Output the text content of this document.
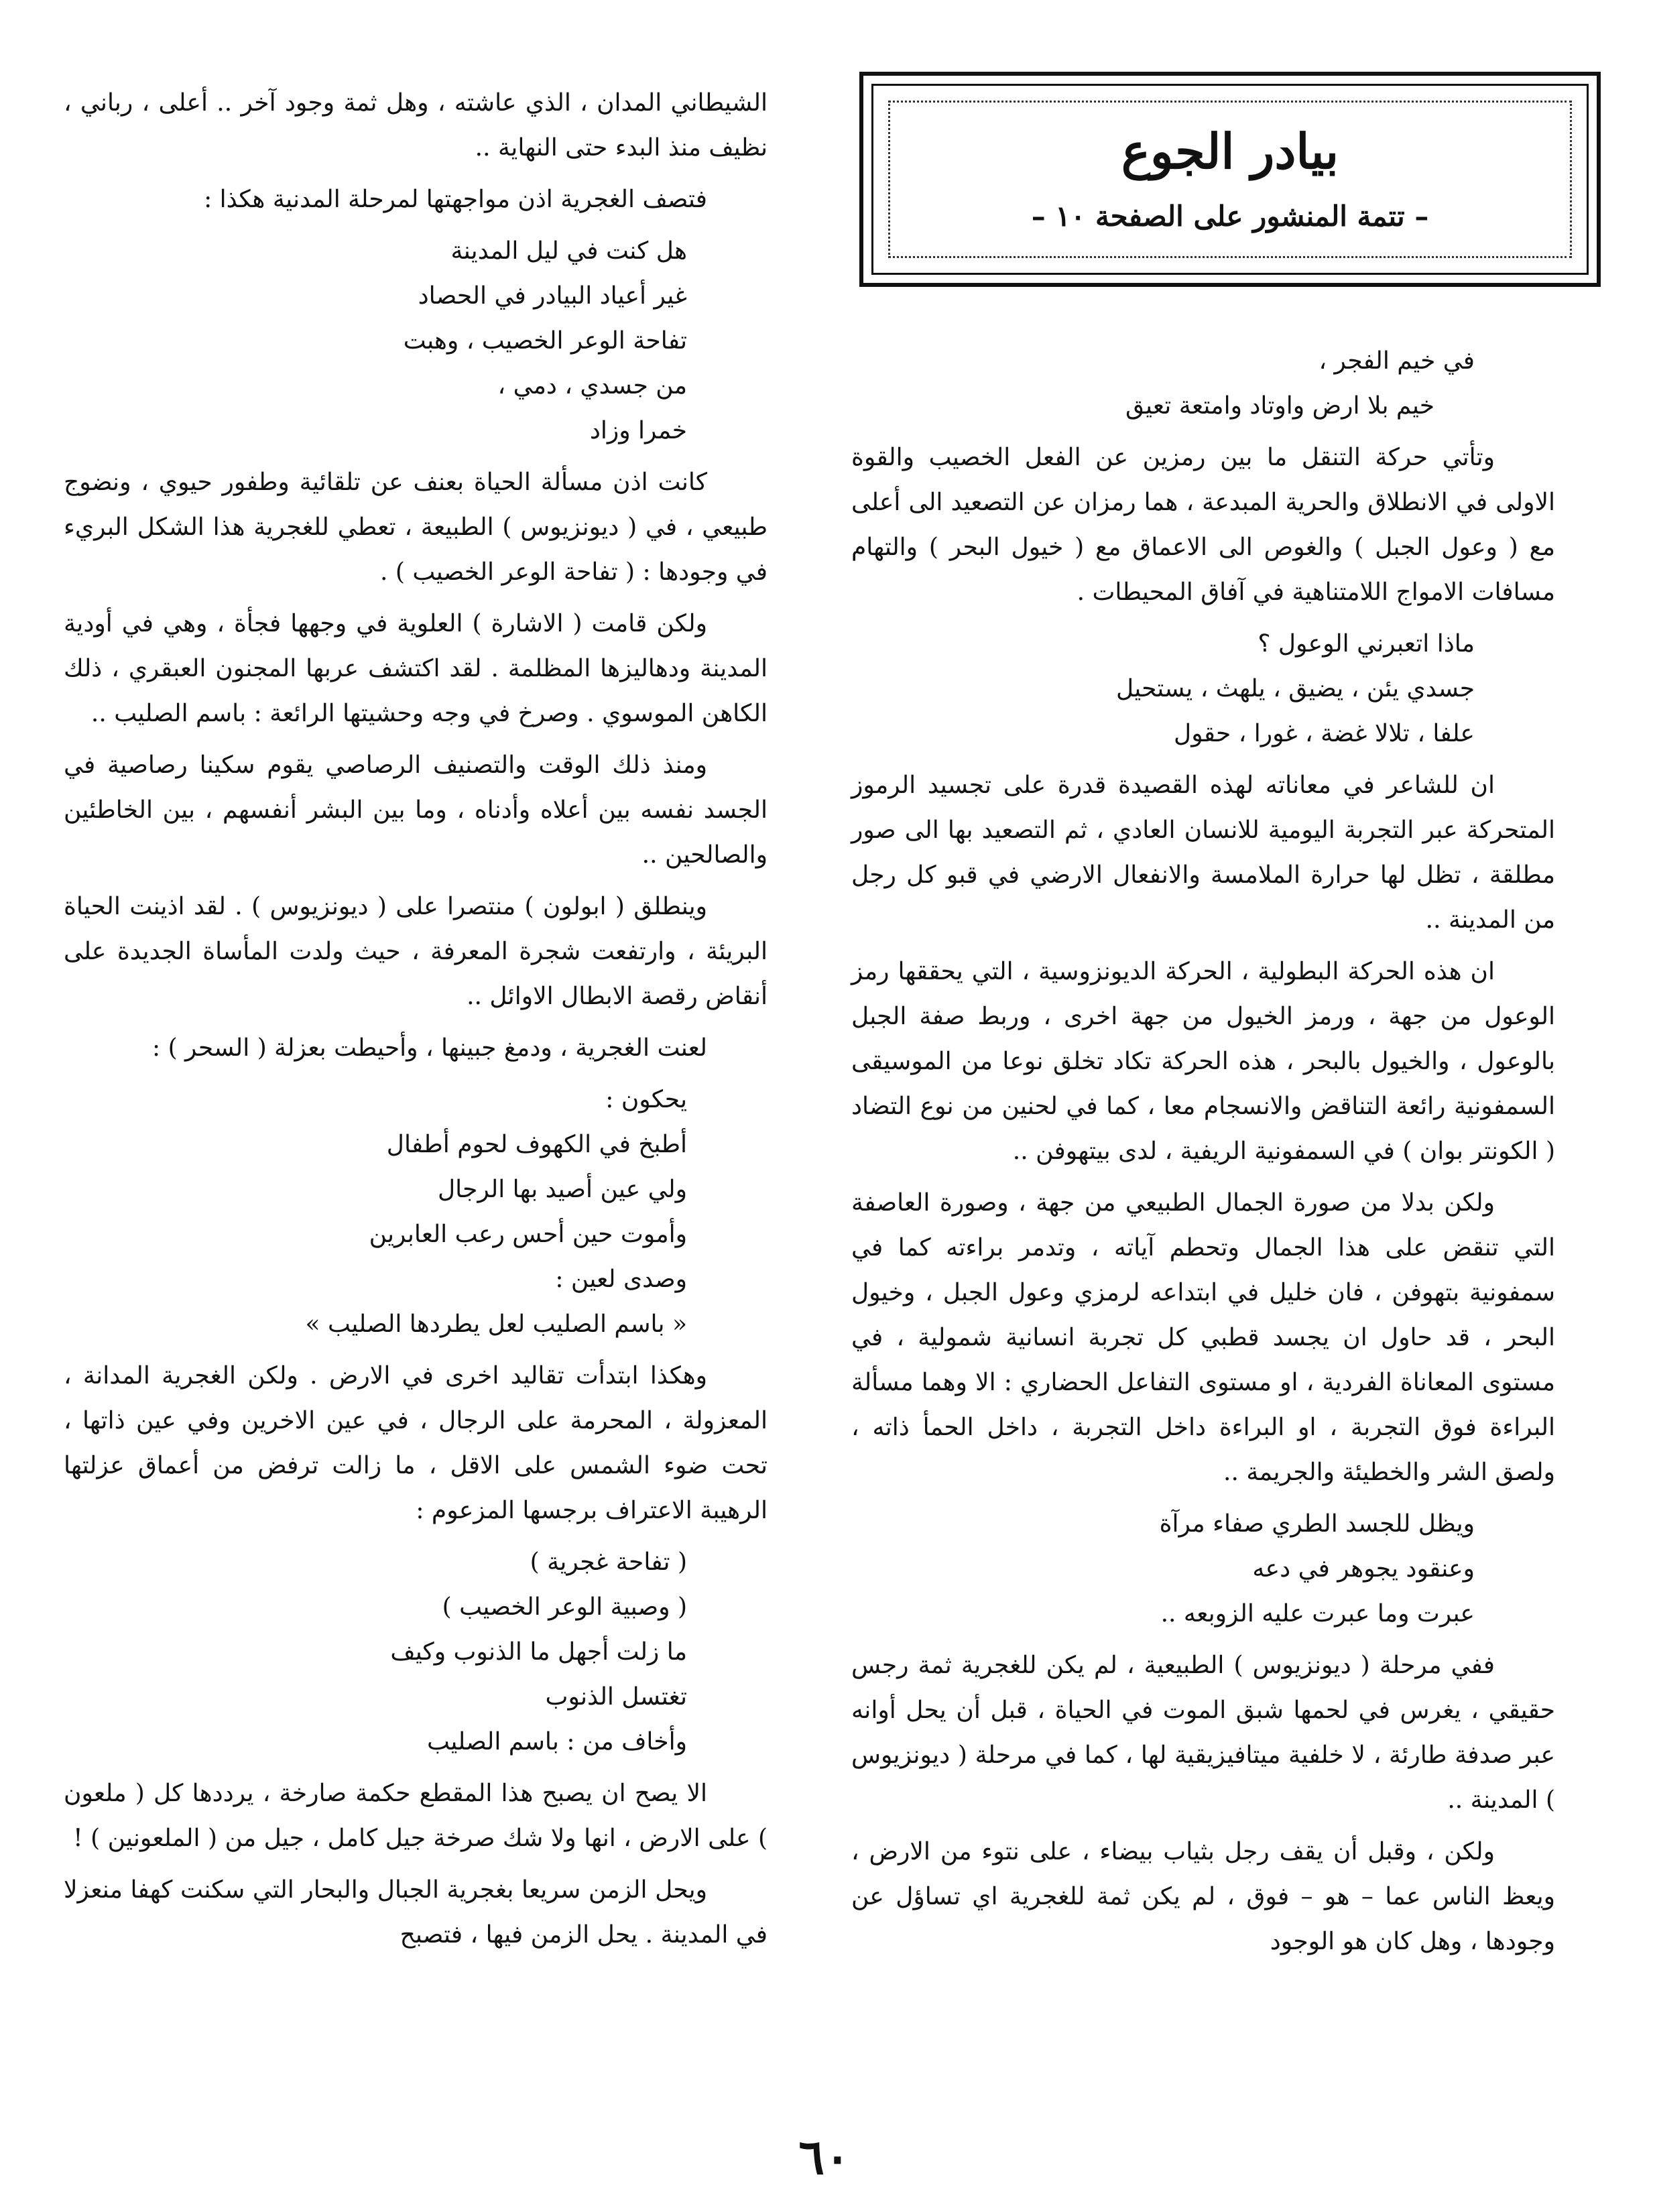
بيادر الجوع
– تتمة المنشور على الصفحة ١٠ –
في خيم الفجر ،
خيم بلا ارض واوتاد وامتعة تعيق

وتأتي حركة التنقل ما بين رمزين عن الفعل الخصيب والقوة الاولى في الانطلاق والحرية المبدعة ، هما رمزان عن التصعيد الى أعلى مع ( وعول الجبل ) والغوص الى الاعماق مع ( خيول البحر ) والتهام مسافات الامواج اللامتناهية في آفاق المحيطات .

ماذا اتعبرني الوعول ؟
جسدي يئن ، يضيق ، يلهث ، يستحيل
علفا ، تلالا غضة ، غورا ، حقول

ان للشاعر في معاناته لهذه القصيدة قدرة على تجسيد الرموز المتحركة عبر التجربة اليومية للانسان العادي ، ثم التصعيد بها الى صور مطلقة ، تظل لها حرارة الملامسة والانفعال الارضي في قبو كل رجل من المدينة ..

ان هذه الحركة البطولية ، الحركة الديونزوسية ، التي يحققها رمز الوعول من جهة ، ورمز الخيول من جهة اخرى ، وربط صفة الجبل بالوعول ، والخيول بالبحر ، هذه الحركة تكاد تخلق نوعا من الموسيقى السمفونية رائعة التناقض والانسجام معا ، كما في لحنين من نوع التضاد ( الكونتر بوان ) في السمفونية الريفية ، لدى بيتهوفن ..

ولكن بدلا من صورة الجمال الطبيعي من جهة ، وصورة العاصفة التي تنقض على هذا الجمال وتحطم آياته ، وتدمر براءته كما في سمفونية بتهوفن ، فان خليل في ابتداعه لرمزي وعول الجبل ، وخيول البحر ، قد حاول ان يجسد قطبي كل تجربة انسانية شمولية ، في مستوى المعاناة الفردية ، او مستوى التفاعل الحضاري : الا وهما مسألة البراءة فوق التجربة ، او البراءة داخل التجربة ، داخل الحمأ ذاته ، ولصق الشر والخطيئة والجريمة ..

ويظل للجسد الطري صفاء مرآة
وعنقود يجوهر في دعه
عبرت وما عبرت عليه الزوبعه ..

ففي مرحلة ( ديونزيوس ) الطبيعية ، لم يكن للغجرية ثمة رجس حقيقي ، يغرس في لحمها شبق الموت في الحياة ، قبل أن يحل أوانه عبر صدفة طارئة ، لا خلفية ميتافيزيقية لها ، كما في مرحلة ( ديونزيوس ) المدينة ..

ولكن ، وقبل أن يقف رجل بثياب بيضاء ، على نتوء من الارض ، ويعظ الناس عما – هو – فوق ، لم يكن ثمة للغجرية اي تساؤل عن وجودها ، وهل كان هو الوجود

الشيطاني المدان ، الذي عاشته ، وهل ثمة وجود آخر .. أعلى ، رباني ، نظيف منذ البدء حتى النهاية ..

فتصف الغجرية اذن مواجهتها لمرحلة المدنية هكذا :

هل كنت في ليل المدينة
غير أعياد البيادر في الحصاد
تفاحة الوعر الخصيب ، وهبت
من جسدي ، دمي ،
خمرا وزاد

كانت اذن مسألة الحياة بعنف عن تلقائية وطفور حيوي ، ونضوج طبيعي ، في ( ديونزيوس ) الطبيعة ، تعطي للغجرية هذا الشكل البريء في وجودها : ( تفاحة الوعر الخصيب ) .

ولكن قامت ( الاشارة ) العلوية في وجهها فجأة ، وهي في أودية المدينة ودهاليزها المظلمة . لقد اكتشف عربها المجنون العبقري ، ذلك الكاهن الموسوي . وصرخ في وجه وحشيتها الرائعة : باسم الصليب ..

ومنذ ذلك الوقت والتصنيف الرصاصي يقوم سكينا رصاصية في الجسد نفسه بين أعلاه وأدناه ، وما بين البشر أنفسهم ، بين الخاطئين والصالحين ..

وينطلق ( ابولون ) منتصرا على ( ديونزيوس ) . لقد اذينت الحياة البريئة ، وارتفعت شجرة المعرفة ، حيث ولدت المأساة الجديدة على أنقاض رقصة الابطال الاوائل ..

لعنت الغجرية ، ودمغ جبينها ، وأحيطت بعزلة ( السحر ) :

يحكون :
أطبخ في الكهوف لحوم أطفال
ولي عين أصيد بها الرجال
وأموت حين أحس رعب العابرين
وصدى لعين :
« باسم الصليب لعل يطردها الصليب »

وهكذا ابتدأت تقاليد اخرى في الارض . ولكن الغجرية المدانة ، المعزولة ، المحرمة على الرجال ، في عين الاخرين وفي عين ذاتها ، تحت ضوء الشمس على الاقل ، ما زالت ترفض من أعماق عزلتها الرهيبة الاعتراف برجسها المزعوم :

( تفاحة غجرية )
( وصبية الوعر الخصيب )
ما زلت أجهل ما الذنوب وكيف
تغتسل الذنوب
وأخاف من : باسم الصليب

الا يصح ان يصبح هذا المقطع حكمة صارخة ، يرددها كل ( ملعون ) على الارض ، انها ولا شك صرخة جيل كامل ، جيل من ( الملعونين ) !

ويحل الزمن سريعا بغجرية الجبال والبحار التي سكنت كهفا منعزلا في المدينة . يحل الزمن فيها ، فتصبح

٦٠
